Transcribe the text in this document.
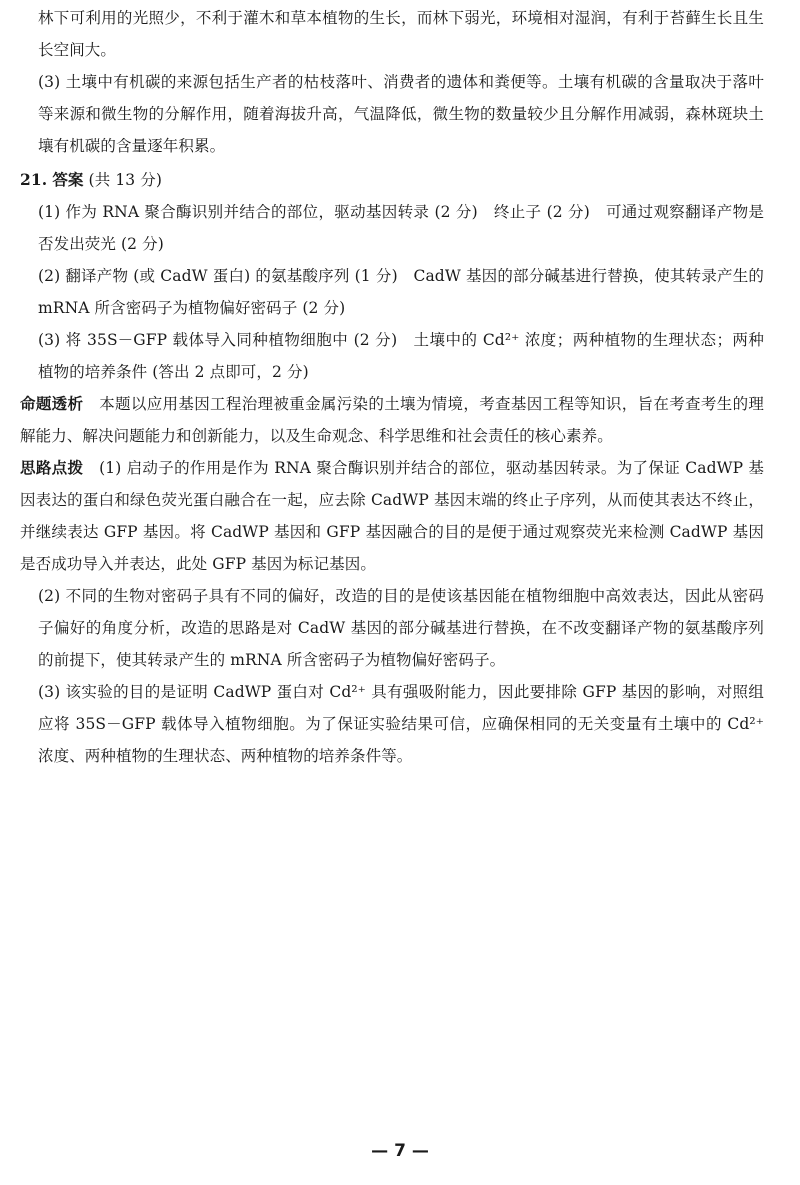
林下可利用的光照少，不利于灌木和草本植物的生长，而林下弱光，环境相对湿润，有利于苔藓生长且生长空间大。

(3) 土壤中有机碳的来源包括生产者的枯枝落叶、消费者的遗体和粪便等。土壤有机碳的含量取决于落叶等来源和微生物的分解作用，随着海拔升高，气温降低，微生物的数量较少且分解作用减弱，森林斑块土壤有机碳的含量逐年积累。

21. 答案 (共 13 分)

(1) 作为 RNA 聚合酶识别并结合的部位，驱动基因转录 (2 分)　终止子 (2 分)　可通过观察翻译产物是否发出荧光 (2 分)

(2) 翻译产物 (或 CadW 蛋白) 的氨基酸序列 (1 分)　CadW 基因的部分碱基进行替换，使其转录产生的 mRNA 所含密码子为植物偏好密码子 (2 分)

(3) 将 35S－GFP 载体导入同种植物细胞中 (2 分)　土壤中的 Cd²⁺ 浓度；两种植物的生理状态；两种植物的培养条件 (答出 2 点即可，2 分)

命题透析　 本题以应用基因工程治理被重金属污染的土壤为情境，考查基因工程等知识，旨在考查考生的理解能力、解决问题能力和创新能力，以及生命观念、科学思维和社会责任的核心素养。

思路点拨　 (1) 启动子的作用是作为 RNA 聚合酶识别并结合的部位，驱动基因转录。为了保证 CadWP 基因表达的蛋白和绿色荧光蛋白融合在一起，应去除 CadWP 基因末端的终止子序列，从而使其表达不终止，并继续表达 GFP 基因。将 CadWP 基因和 GFP 基因融合的目的是便于通过观察荧光来检测 CadWP 基因是否成功导入并表达，此处 GFP 基因为标记基因。

(2) 不同的生物对密码子具有不同的偏好，改造的目的是使该基因能在植物细胞中高效表达，因此从密码子偏好的角度分析，改造的思路是对 CadW 基因的部分碱基进行替换，在不改变翻译产物的氨基酸序列的前提下，使其转录产生的 mRNA 所含密码子为植物偏好密码子。

(3) 该实验的目的是证明 CadWP 蛋白对 Cd²⁺ 具有强吸附能力，因此要排除 GFP 基因的影响，对照组应将 35S－GFP 载体导入植物细胞。为了保证实验结果可信，应确保相同的无关变量有土壤中的 Cd²⁺ 浓度、两种植物的生理状态、两种植物的培养条件等。

— 7 —
